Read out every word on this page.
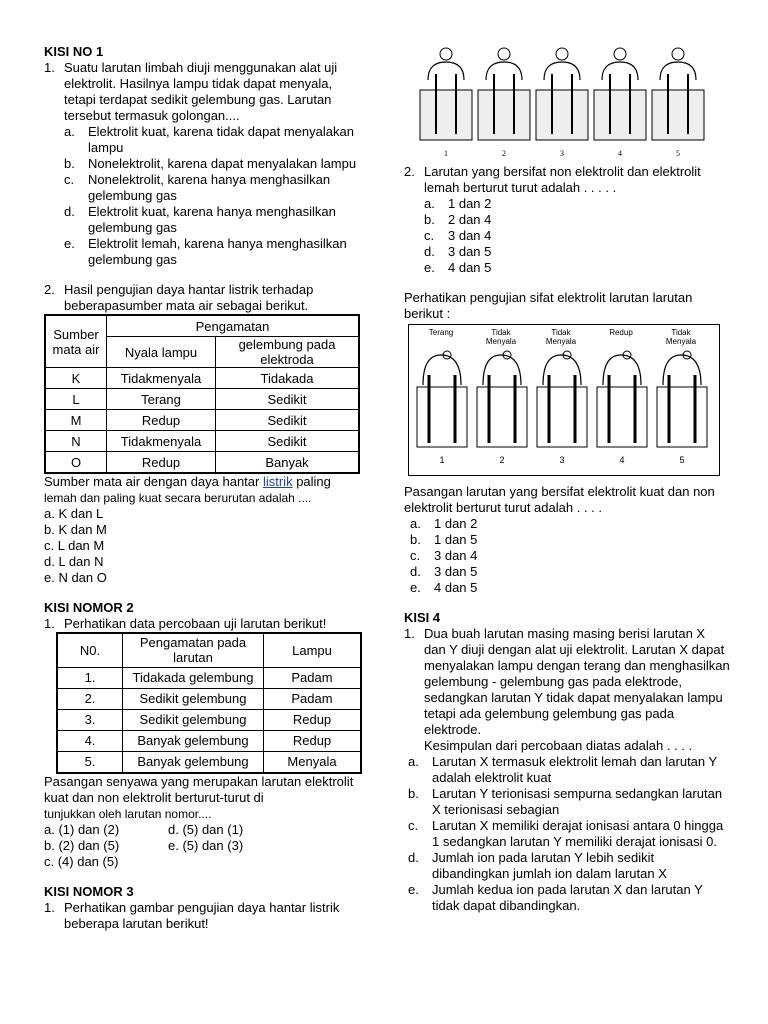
KISI NO 1

1. Suatu larutan limbah diuji menggunakan alat uji elektrolit. Hasilnya lampu tidak dapat menyala, tetapi terdapat sedikit gelembung gas. Larutan tersebut termasuk golongan....
a.	Elektrolit kuat, karena tidak dapat menyalakan lampu
b.	Nonelektrolit, karena dapat menyalakan lampu
c.	Nonelektrolit, karena hanya menghasilkan gelembung gas
d.	Elektrolit kuat, karena hanya menghasilkan gelembung gas
e.	Elektrolit lemah, karena hanya menghasilkan gelembung gas
2. Hasil pengujian daya hantar listrik terhadap beberapasumber mata air sebagai berikut.
Sumber mata air	Pengamatan	
	Nyala lampu	gelembung pada elektroda
K	Tidakmenyala	Tidakada
L	Terang	Sedikit
M	Redup	Sedikit
N	Tidakmenyala	Sedikit
O	Redup	Banyak

Sumber mata air dengan daya hantar listrik paling

lemah dan paling kuat secara berurutan adalah ....

a. K dan L

b. K dan M

c. L dan M

d. L dan N

e. N dan O

KISI NOMOR 2

1. Perhatikan data percobaan uji larutan berikut!
N0.	Pengamatan pada larutan	Lampu
1.	Tidakada gelembung	Padam
2.	Sedikit gelembung	Padam
3.	Sedikit gelembung	Redup
4.	Banyak gelembung	Redup
5.	Banyak gelembung	Menyala

Pasangan senyawa yang merupakan larutan elektrolit kuat dan non elektrolit berturut-turut di

tunjukkan oleh larutan nomor....

a. (1) dan (2)

b. (2) dan (5)

c. (4) dan (5)

d. (5) dan (1)

e. (5) dan (3)

KISI NOMOR 3

1. Perhatikan gambar pengujian daya hantar listrik beberapa larutan berikut!
1	2	3	4	5
2. Larutan yang bersifat non elektrolit dan elektrolit lemah berturut turut adalah . . . . .
a.	1 dan 2
b.	2 dan 4
c.	3 dan 4
d.	3 dan 5
e.	4 dan 5

Perhatikan pengujian sifat elektrolit larutan larutan berikut :

Terang
1
Tidak
Menyala
2
Tidak
Menyala
3
Redup
4
Tidak
Menyala
5

Pasangan larutan yang bersifat elektrolit kuat dan non elektrolit berturut turut adalah . . . .

a.	1 dan 2
b.	1 dan 5
c.	3 dan 4
d.	3 dan 5
e.	4 dan 5

KISI 4

1. Dua buah larutan masing masing berisi larutan X dan Y diuji dengan alat uji elektrolit. Larutan X dapat menyalakan lampu dengan terang dan menghasilkan gelembung - gelembung gas pada elektrode, sedangkan larutan Y tidak dapat menyalakan lampu tetapi ada gelembung gelembung gas pada elektrode.
Kesimpulan dari percobaan diatas adalah . . . .
a.	Larutan X termasuk elektrolit lemah dan larutan Y adalah elektrolit kuat
b.	Larutan Y terionisasi sempurna sedangkan larutan X terionisasi sebagian
c.	Larutan X memiliki derajat ionisasi antara 0 hingga 1 sedangkan larutan Y memiliki derajat ionisasi 0.
d.	Jumlah ion pada larutan Y lebih sedikit dibandingkan jumlah ion dalam larutan X
e.	Jumlah kedua ion pada larutan X dan larutan Y tidak dapat dibandingkan.
